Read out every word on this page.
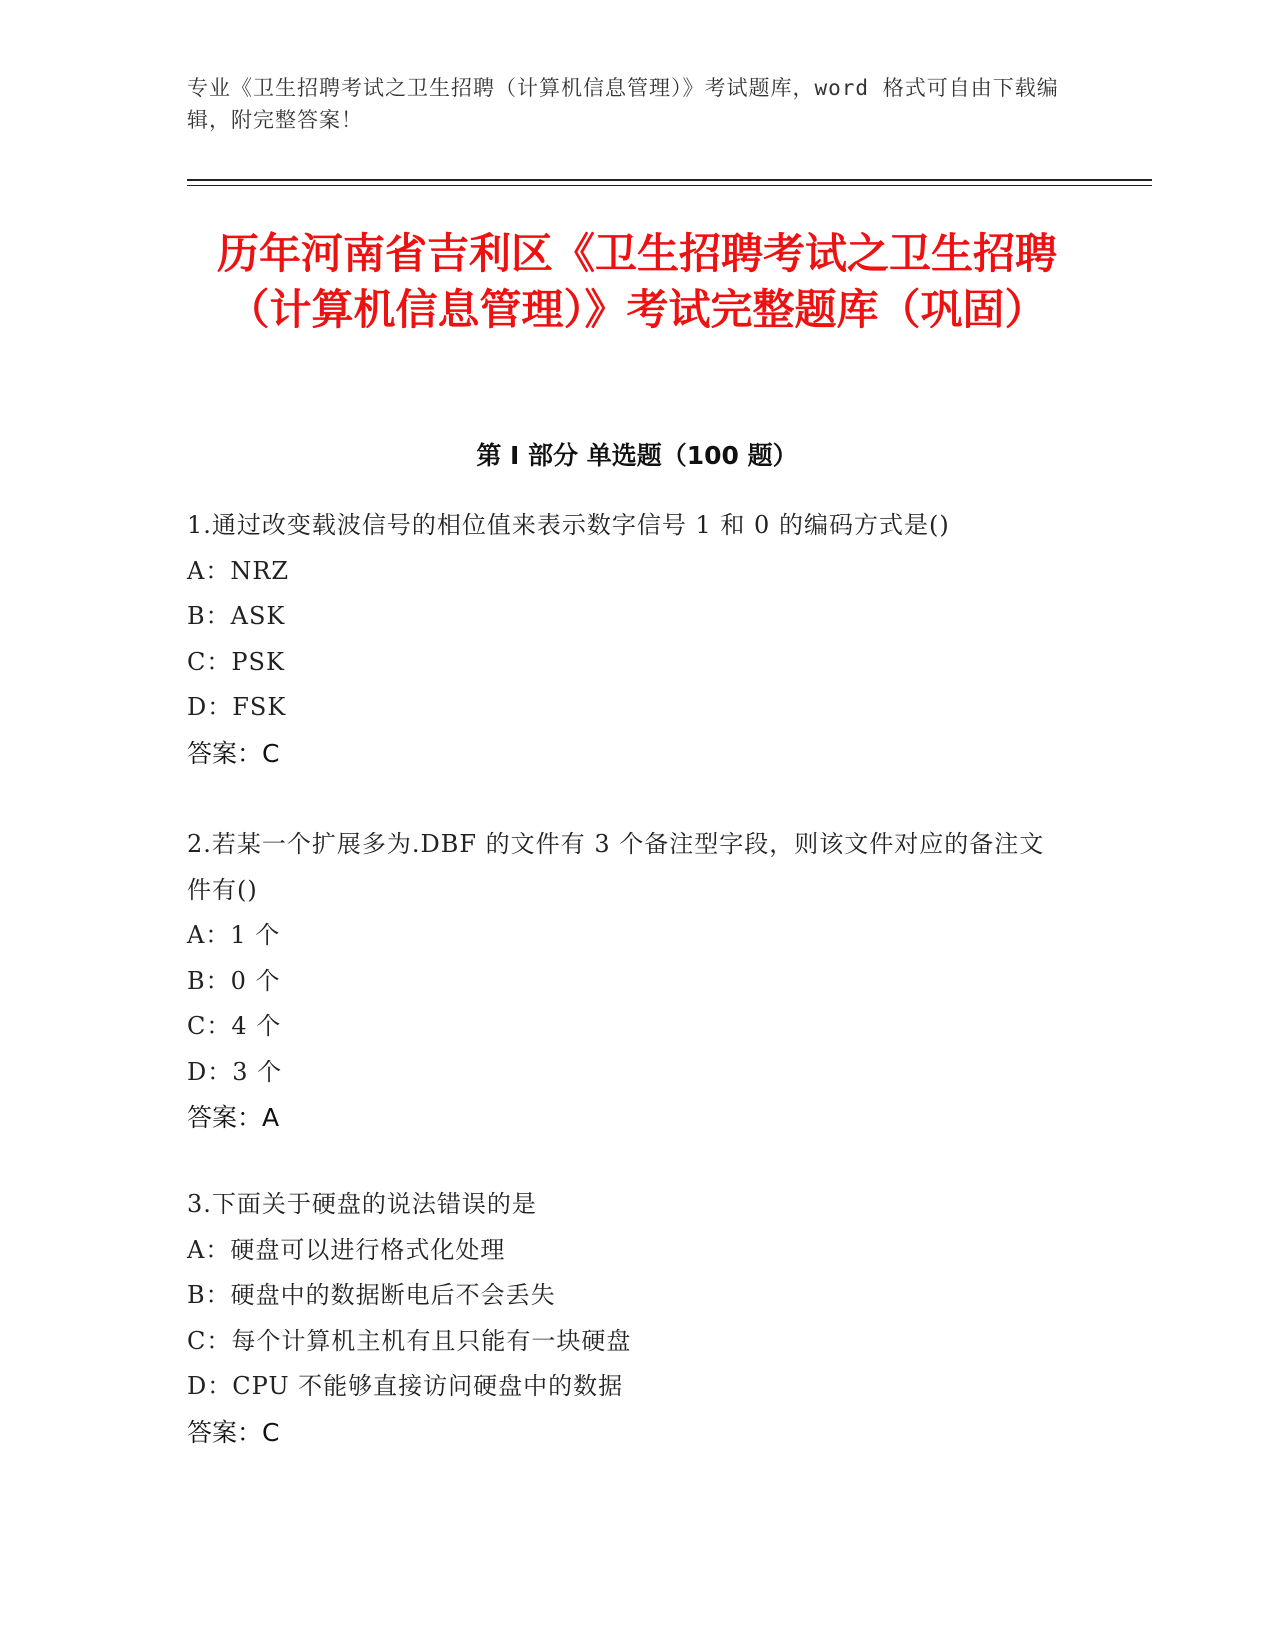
专业《卫生招聘考试之卫生招聘（计算机信息管理）》考试题库，word 格式可自由下载编辑，附完整答案！
历年河南省吉利区《卫生招聘考试之卫生招聘（计算机信息管理）》考试完整题库（巩固）
第 I 部分 单选题（100 题）
1.通过改变载波信号的相位值来表示数字信号 1 和 0 的编码方式是()
A：NRZ
B：ASK
C：PSK
D：FSK
答案：C
2.若某一个扩展多为.DBF 的文件有 3 个备注型字段，则该文件对应的备注文件有()
A：1 个
B：0 个
C：4 个
D：3 个
答案：A
3.下面关于硬盘的说法错误的是
A：硬盘可以进行格式化处理
B：硬盘中的数据断电后不会丢失
C：每个计算机主机有且只能有一块硬盘
D：CPU 不能够直接访问硬盘中的数据
答案：C
